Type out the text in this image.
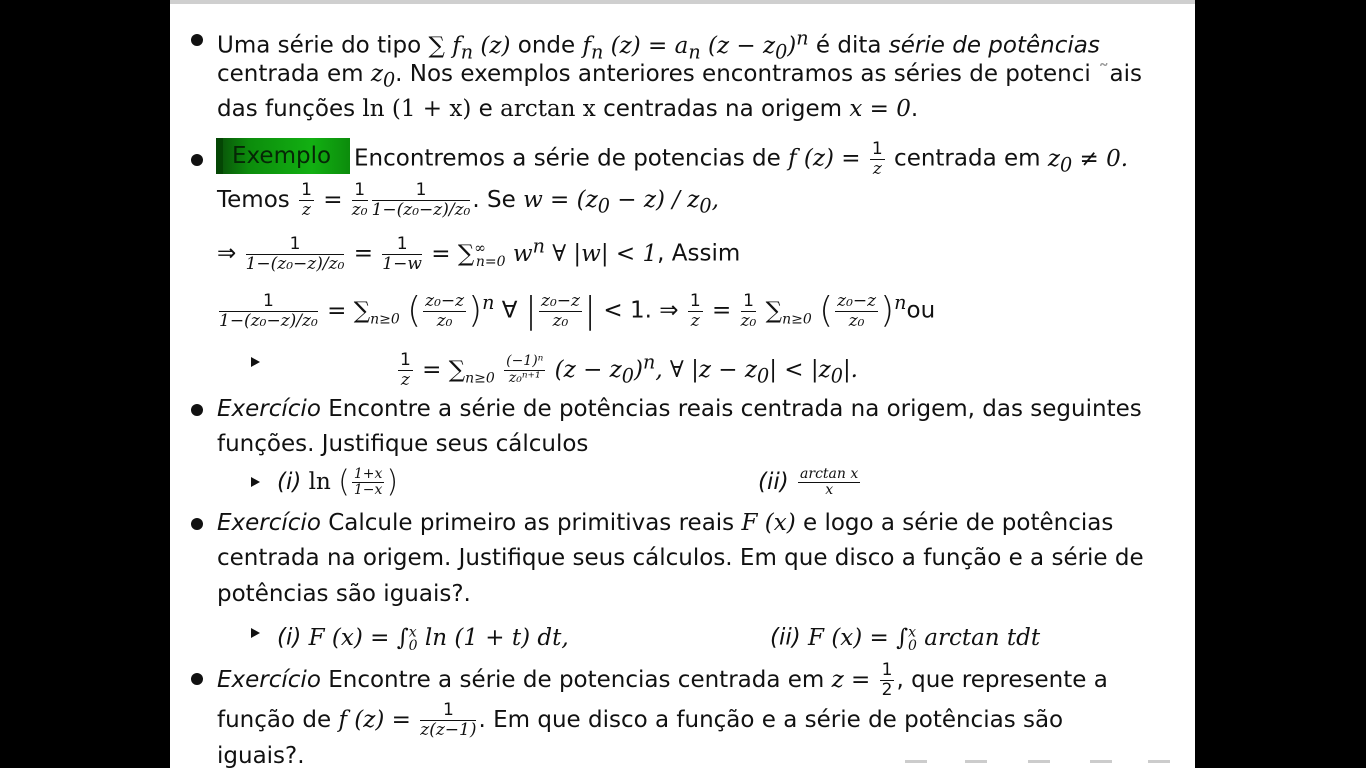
Uma série do tipo ∑ $f_n$ (z) onde $f_n$ $(z) = a_n$ $(z - z_0)^n$ é dita série de potências
centrada em $z_0$. Nos exemplos anteriores encontramos as séries de potenci ˜ais
das funções ln (1 + x) e arctan x centradas na origem x = 0.
Exemplo Encontremos a série de potencias de f $(z) = \frac{1}{z}$ centrada em $z_0 \ne 0$.
Temos $\frac{1}{z} = \frac{1}{\text{z₀}} \frac{1}{\text{1−(z₀−z)/z₀}}$ . Se $w = (z_0 - z) / z_0$,
⇒ $\frac{1}{\text{1−(z₀−z)/z₀}} = \frac{1}{1-w} = \sum^\infty_{n=0}$ $w^n$ ∀ |w| < 1, Assim
$\frac{1}{\text{1−(z₀−z)/z₀}} = \sum_{n\ge 0}$ ( $\frac{\text{z₀−z}}{\text{z₀}} )^n$ ∀ | $\frac{\text{z₀−z}}{\text{z₀}}$ | < 1. ⇒ $\frac{1}{z} = \frac{1}{\text{z₀}} \sum_{n\ge 0}$ ( $\frac{\text{z₀−z}}{\text{z₀}} )^nou$
$\frac{1}{z} = \sum_{n\ge 0} \frac{\text{(−1)ⁿ}}{\text{z₀ⁿ⁺¹}} (z - z_0)^n$, ∀ $|z - z_0| < |z_0|$.
Exercício Encontre a série de potências reais centrada na origem, das seguintes
funções. Justifique seus cálculos
(i) ln ( $\frac{1+x}{1-x}$ )	$(ii) \frac{\text{arctan x}}{x}$
Exercício Calcule primeiro as primitivas reais F (x) e logo a série de potências
centrada na origem. Justifique seus cálculos. Em que disco a função e a série de
potências são iguais?.
(i) F (x) = ∫$^x_0$ ln (1 + t) dt,	(ii) F (x) = ∫$^x_0$ arctan tdt
Exercício Encontre a série de potencias centrada em $z = \frac{1}{2}$ , que represente a
função de f $(z) = \frac{1}{z(z-1)}$ . Em que disco a função e a série de potências são
iguais?.
